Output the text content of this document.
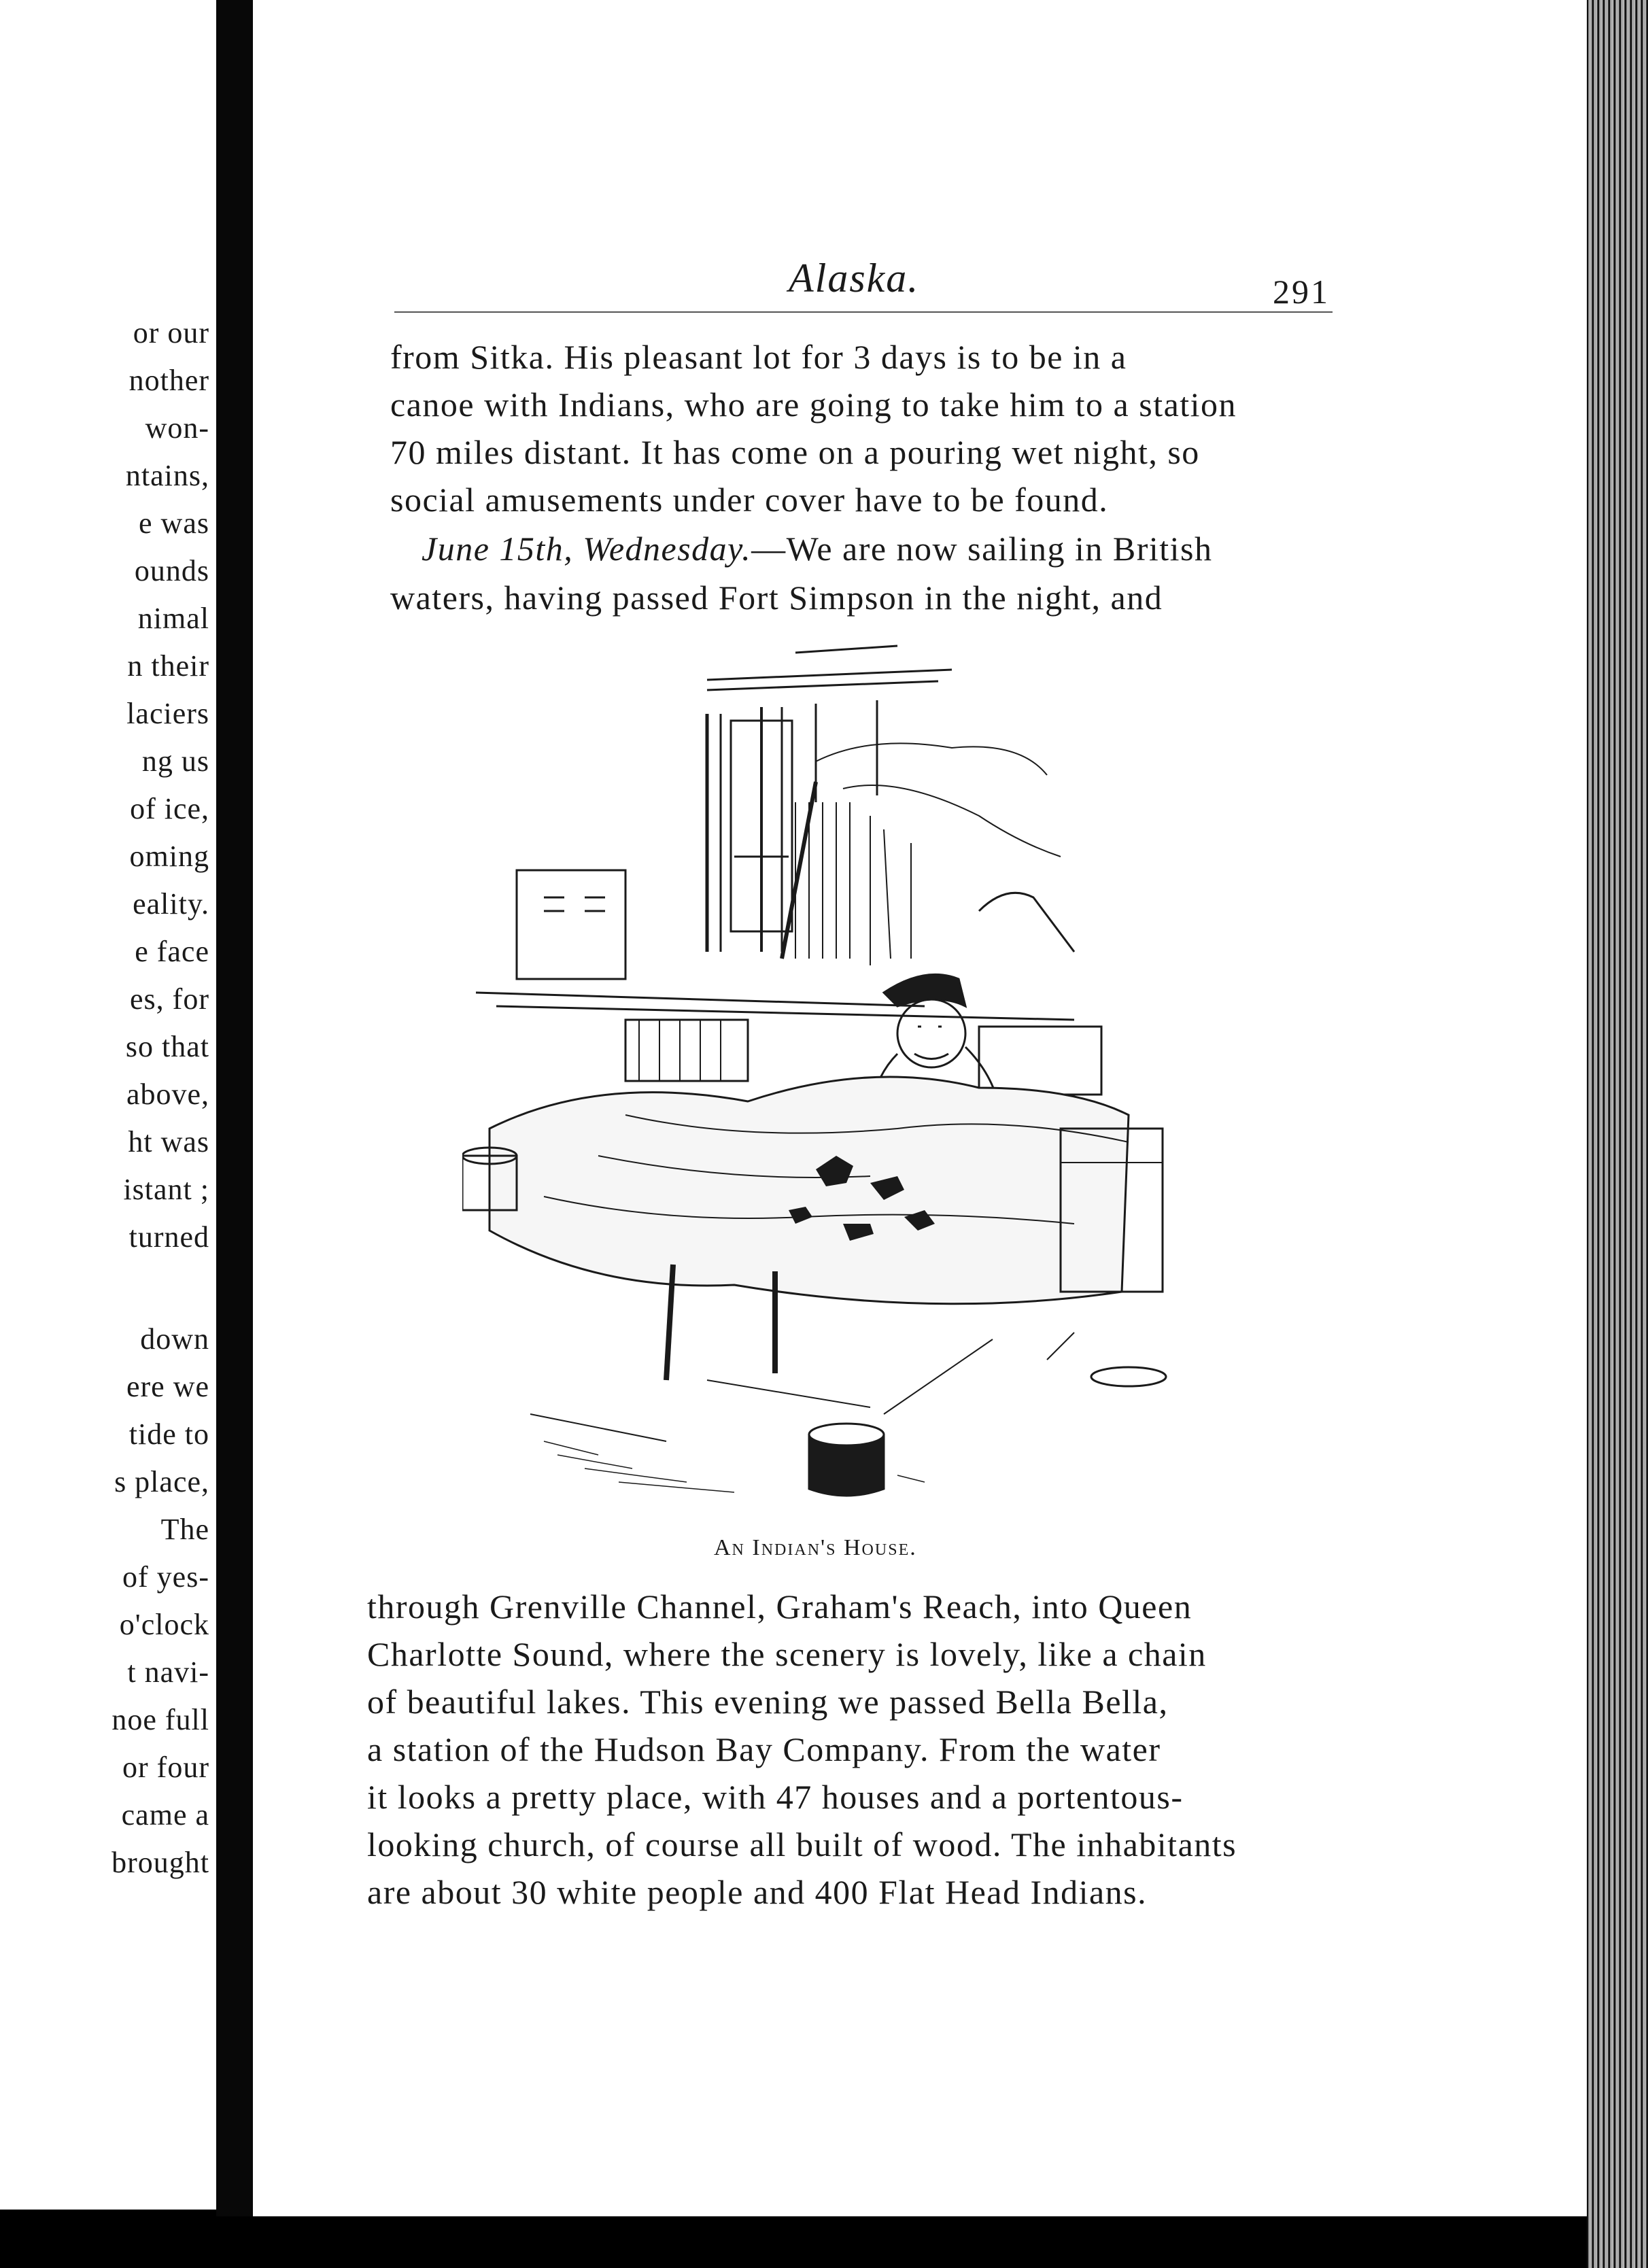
or our
nother
won-
ntains,
e was
ounds
nimal
n their
laciers
ng us
of ice,
oming
eality.
e face
es, for
so that
above,
ht was
istant ;
turned
down
ere we
tide to
s place,
The
of yes-
o'clock
t navi-
noe full
or four
came a
brought
Alaska.	291
from Sitka. His pleasant lot for 3 days is to be in a
canoe with Indians, who are going to take him to a station
70 miles distant. It has come on a pouring wet night, so
social amusements under cover have to be found.
June 15th, Wednesday.—We are now sailing in British
waters, having passed Fort Simpson in the night, and
An Indian's House.
through Grenville Channel, Graham's Reach, into Queen
Charlotte Sound, where the scenery is lovely, like a chain
of beautiful lakes. This evening we passed Bella Bella,
a station of the Hudson Bay Company. From the water
it looks a pretty place, with 47 houses and a portentous-
looking church, of course all built of wood. The inhabitants
are about 30 white people and 400 Flat Head Indians.
